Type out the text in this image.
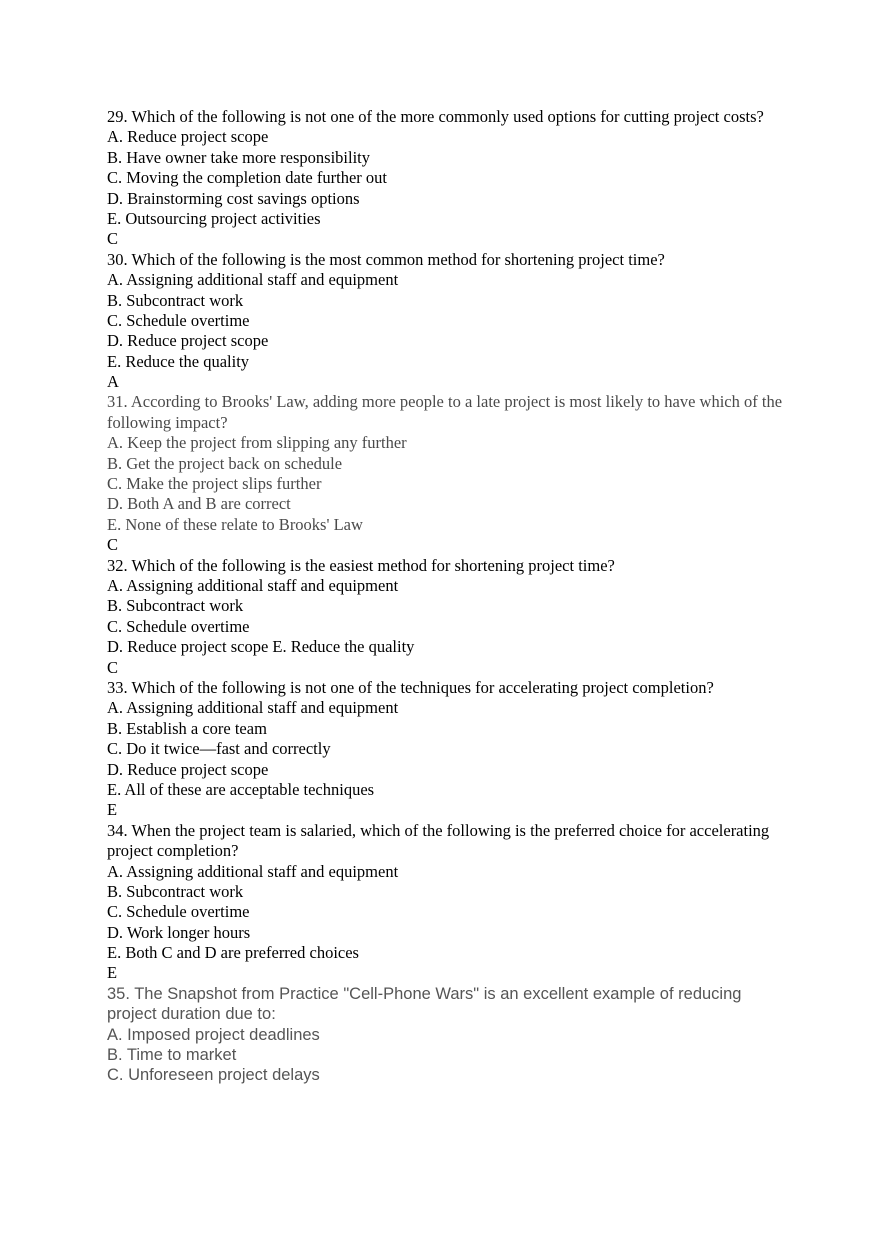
29. Which of the following is not one of the more commonly used options for cutting project costs?

A. Reduce project scope

B. Have owner take more responsibility

C. Moving the completion date further out

D. Brainstorming cost savings options

E. Outsourcing project activities

C

30. Which of the following is the most common method for shortening project time?

A. Assigning additional staff and equipment

B. Subcontract work

C. Schedule overtime

D. Reduce project scope

E. Reduce the quality

A

31. According to Brooks' Law, adding more people to a late project is most likely to have which of the following impact?

A. Keep the project from slipping any further

B. Get the project back on schedule

C. Make the project slips further

D. Both A and B are correct

E. None of these relate to Brooks' Law

C

32. Which of the following is the easiest method for shortening project time?

A. Assigning additional staff and equipment

B. Subcontract work

C. Schedule overtime

D. Reduce project scope E. Reduce the quality

C

33. Which of the following is not one of the techniques for accelerating project completion?

A. Assigning additional staff and equipment

B. Establish a core team

C. Do it twice—fast and correctly

D. Reduce project scope

E. All of these are acceptable techniques

E

34. When the project team is salaried, which of the following is the preferred choice for accelerating project completion?

A. Assigning additional staff and equipment

B. Subcontract work

C. Schedule overtime

D. Work longer hours

E. Both C and D are preferred choices

E

35. The Snapshot from Practice "Cell-Phone Wars" is an excellent example of reducing project duration due to:

A. Imposed project deadlines

B. Time to market

C. Unforeseen project delays
